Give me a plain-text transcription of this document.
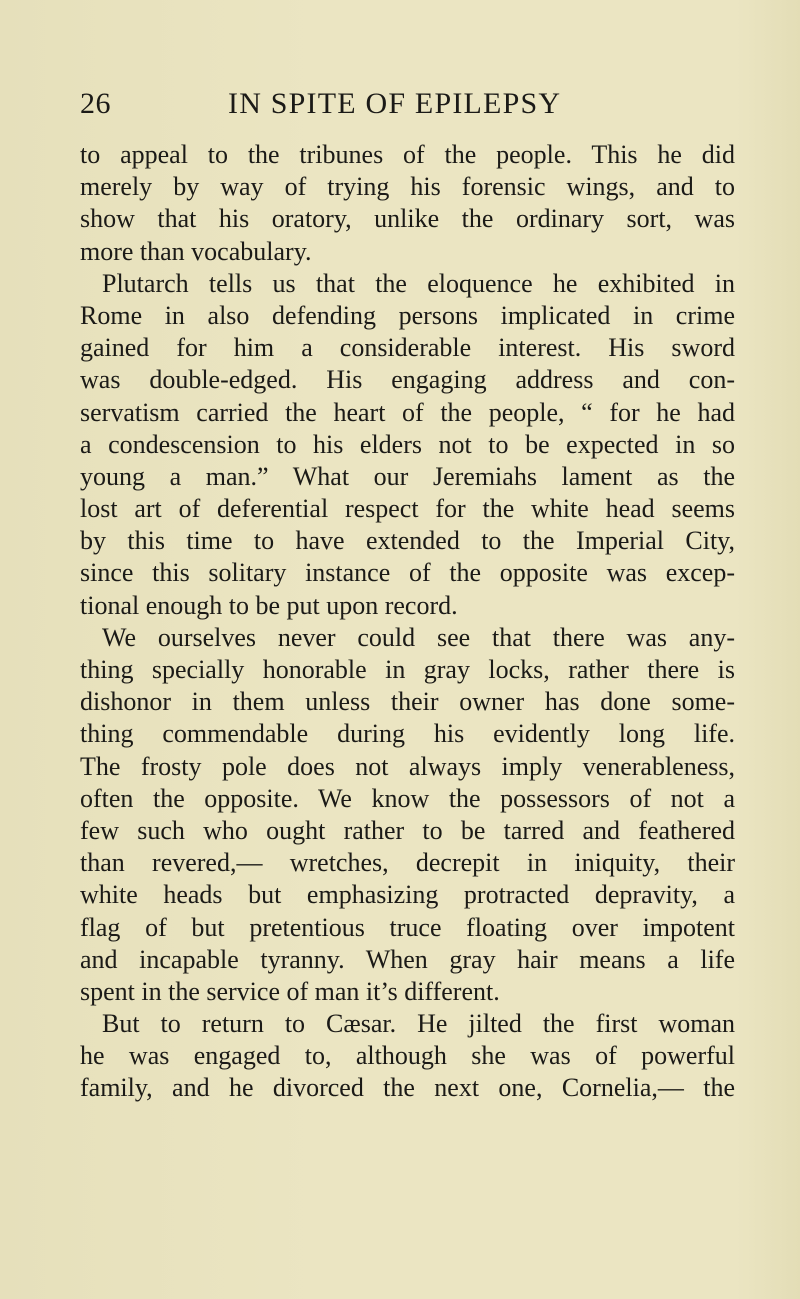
26	IN SPITE OF EPILEPSY
to appeal to the tribunes of the people. This he did
merely by way of trying his forensic wings, and to
show that his oratory, unlike the ordinary sort, was
more than vocabulary.
Plutarch tells us that the eloquence he exhibited in
Rome in also defending persons implicated in crime
gained for him a considerable interest. His sword
was double-edged. His engaging address and con-
servatism carried the heart of the people, “ for he had
a condescension to his elders not to be expected in so
young a man.” What our Jeremiahs lament as the
lost art of deferential respect for the white head seems
by this time to have extended to the Imperial City,
since this solitary instance of the opposite was excep-
tional enough to be put upon record.
We ourselves never could see that there was any-
thing specially honorable in gray locks, rather there is
dishonor in them unless their owner has done some-
thing commendable during his evidently long life.
The frosty pole does not always imply venerableness,
often the opposite. We know the possessors of not a
few such who ought rather to be tarred and feathered
than revered,— wretches, decrepit in iniquity, their
white heads but emphasizing protracted depravity, a
flag of but pretentious truce floating over impotent
and incapable tyranny. When gray hair means a life
spent in the service of man it’s different.
But to return to Cæsar. He jilted the first woman
he was engaged to, although she was of powerful
family, and he divorced the next one, Cornelia,— the
